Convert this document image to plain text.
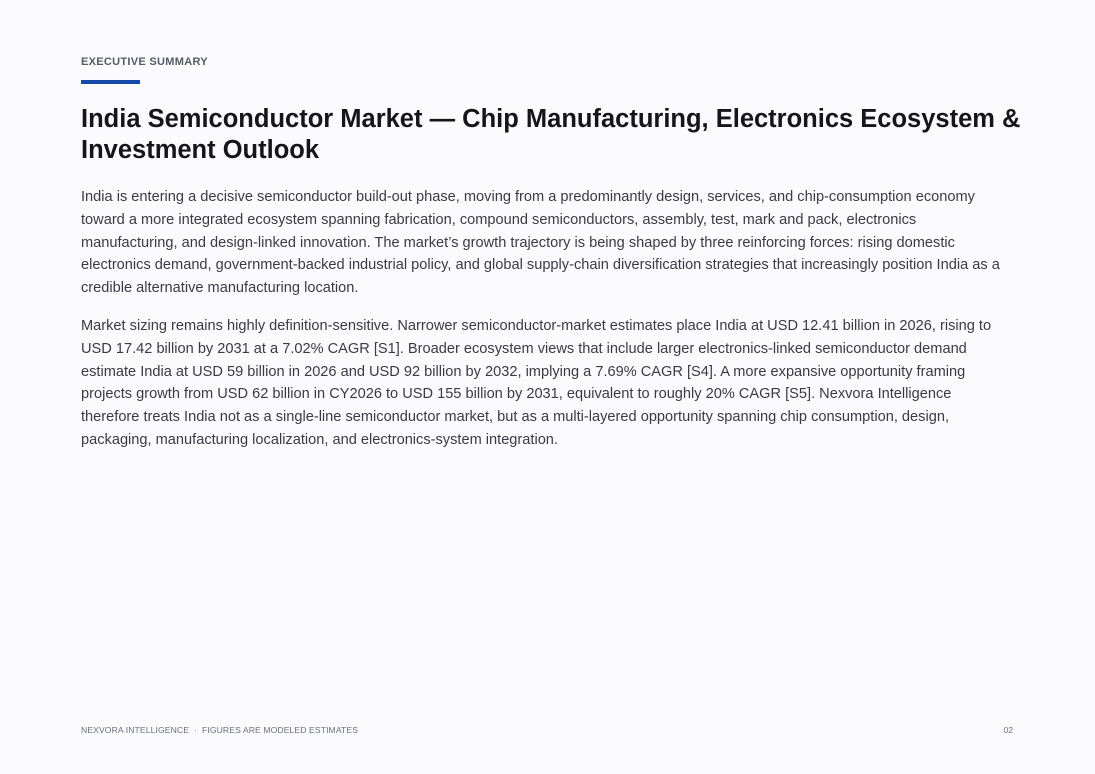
EXECUTIVE SUMMARY
India Semiconductor Market — Chip Manufacturing, Electronics Ecosystem & Investment Outlook

India is entering a decisive semiconductor build-out phase, moving from a predominantly design, services, and chip-consumption economy toward a more integrated ecosystem spanning fabrication, compound semiconductors, assembly, test, mark and pack, electronics manufacturing, and design-linked innovation. The market’s growth trajectory is being shaped by three reinforcing forces: rising domestic electronics demand, government-backed industrial policy, and global supply-chain diversification strategies that increasingly position India as a credible alternative manufacturing location.

Market sizing remains highly definition-sensitive. Narrower semiconductor-market estimates place India at USD 12.41 billion in 2026, rising to USD 17.42 billion by 2031 at a 7.02% CAGR [S1]. Broader ecosystem views that include larger electronics-linked semiconductor demand estimate India at USD 59 billion in 2026 and USD 92 billion by 2032, implying a 7.69% CAGR [S4]. A more expansive opportunity framing projects growth from USD 62 billion in CY2026 to USD 155 billion by 2031, equivalent to roughly 20% CAGR [S5]. Nexvora Intelligence therefore treats India not as a single-line semiconductor market, but as a multi-layered opportunity spanning chip consumption, design, packaging, manufacturing localization, and electronics-system integration.

NEXVORA INTELLIGENCE · FIGURES ARE MODELED ESTIMATES	02
